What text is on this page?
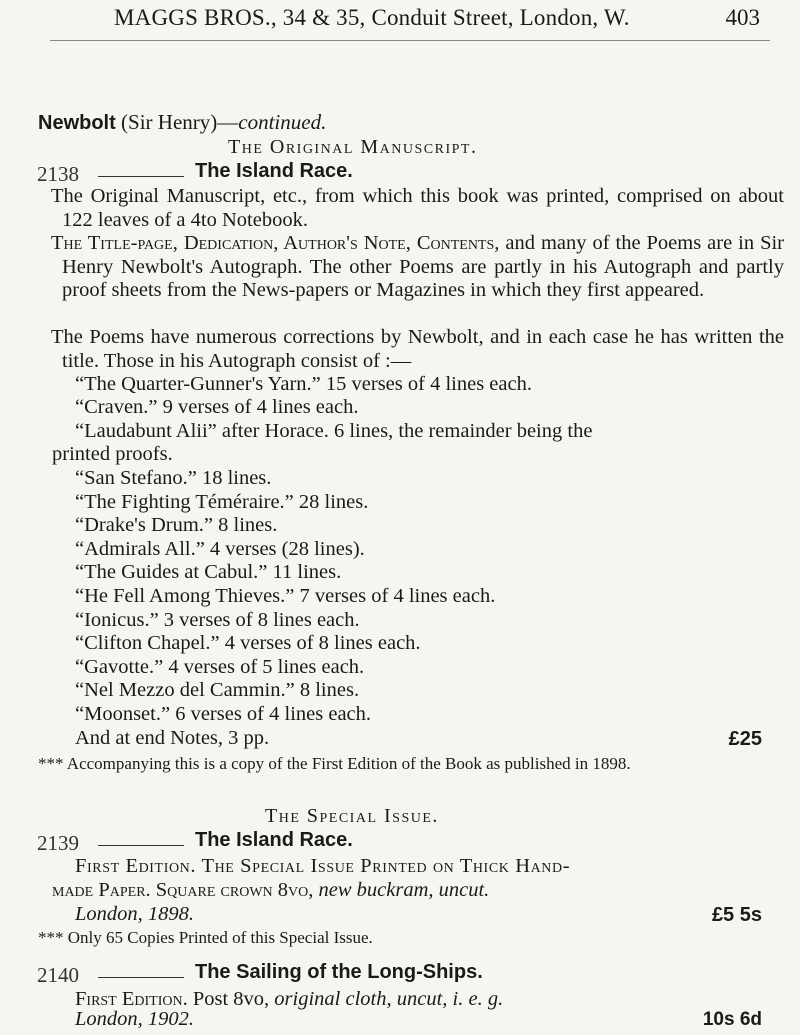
MAGGS BROS., 34 & 35, Conduit Street, London, W.	403
Newbolt (Sir Henry)—continued.
The Original Manuscript.
2138	The Island Race.

The Original Manuscript, etc., from which this book was printed, comprised on about 122 leaves of a 4to Notebook.

The Title-page, Dedication, Author's Note, Contents, and many of the Poems are in Sir Henry Newbolt's Autograph. The other Poems are partly in his Autograph and partly proof sheets from the News-papers or Magazines in which they first appeared.

The Poems have numerous corrections by Newbolt, and in each case he has written the title. Those in his Autograph consist of :—

“The Quarter-Gunner's Yarn.” 15 verses of 4 lines each.
“Craven.” 9 verses of 4 lines each.
“Laudabunt Alii” after Horace. 6 lines, the remainder being the
printed proofs.
“San Stefano.” 18 lines.
“The Fighting Téméraire.” 28 lines.
“Drake's Drum.” 8 lines.
“Admirals All.” 4 verses (28 lines).
“The Guides at Cabul.” 11 lines.
“He Fell Among Thieves.” 7 verses of 4 lines each.
“Ionicus.” 3 verses of 8 lines each.
“Clifton Chapel.” 4 verses of 8 lines each.
“Gavotte.” 4 verses of 5 lines each.
“Nel Mezzo del Cammin.” 8 lines.
“Moonset.” 6 verses of 4 lines each.
And at end Notes, 3 pp.	£25
*** Accompanying this is a copy of the First Edition of the Book as published in 1898.
The Special Issue.
2139	The Island Race.
First Edition. The Special Issue Printed on Thick Hand-
made Paper. Square crown 8vo, new buckram, uncut.
London, 1898.	£5 5s
*** Only 65 Copies Printed of this Special Issue.
2140	The Sailing of the Long-Ships.
First Edition. Post 8vo, original cloth, uncut, i. e. g.
London, 1902.	10s 6d
